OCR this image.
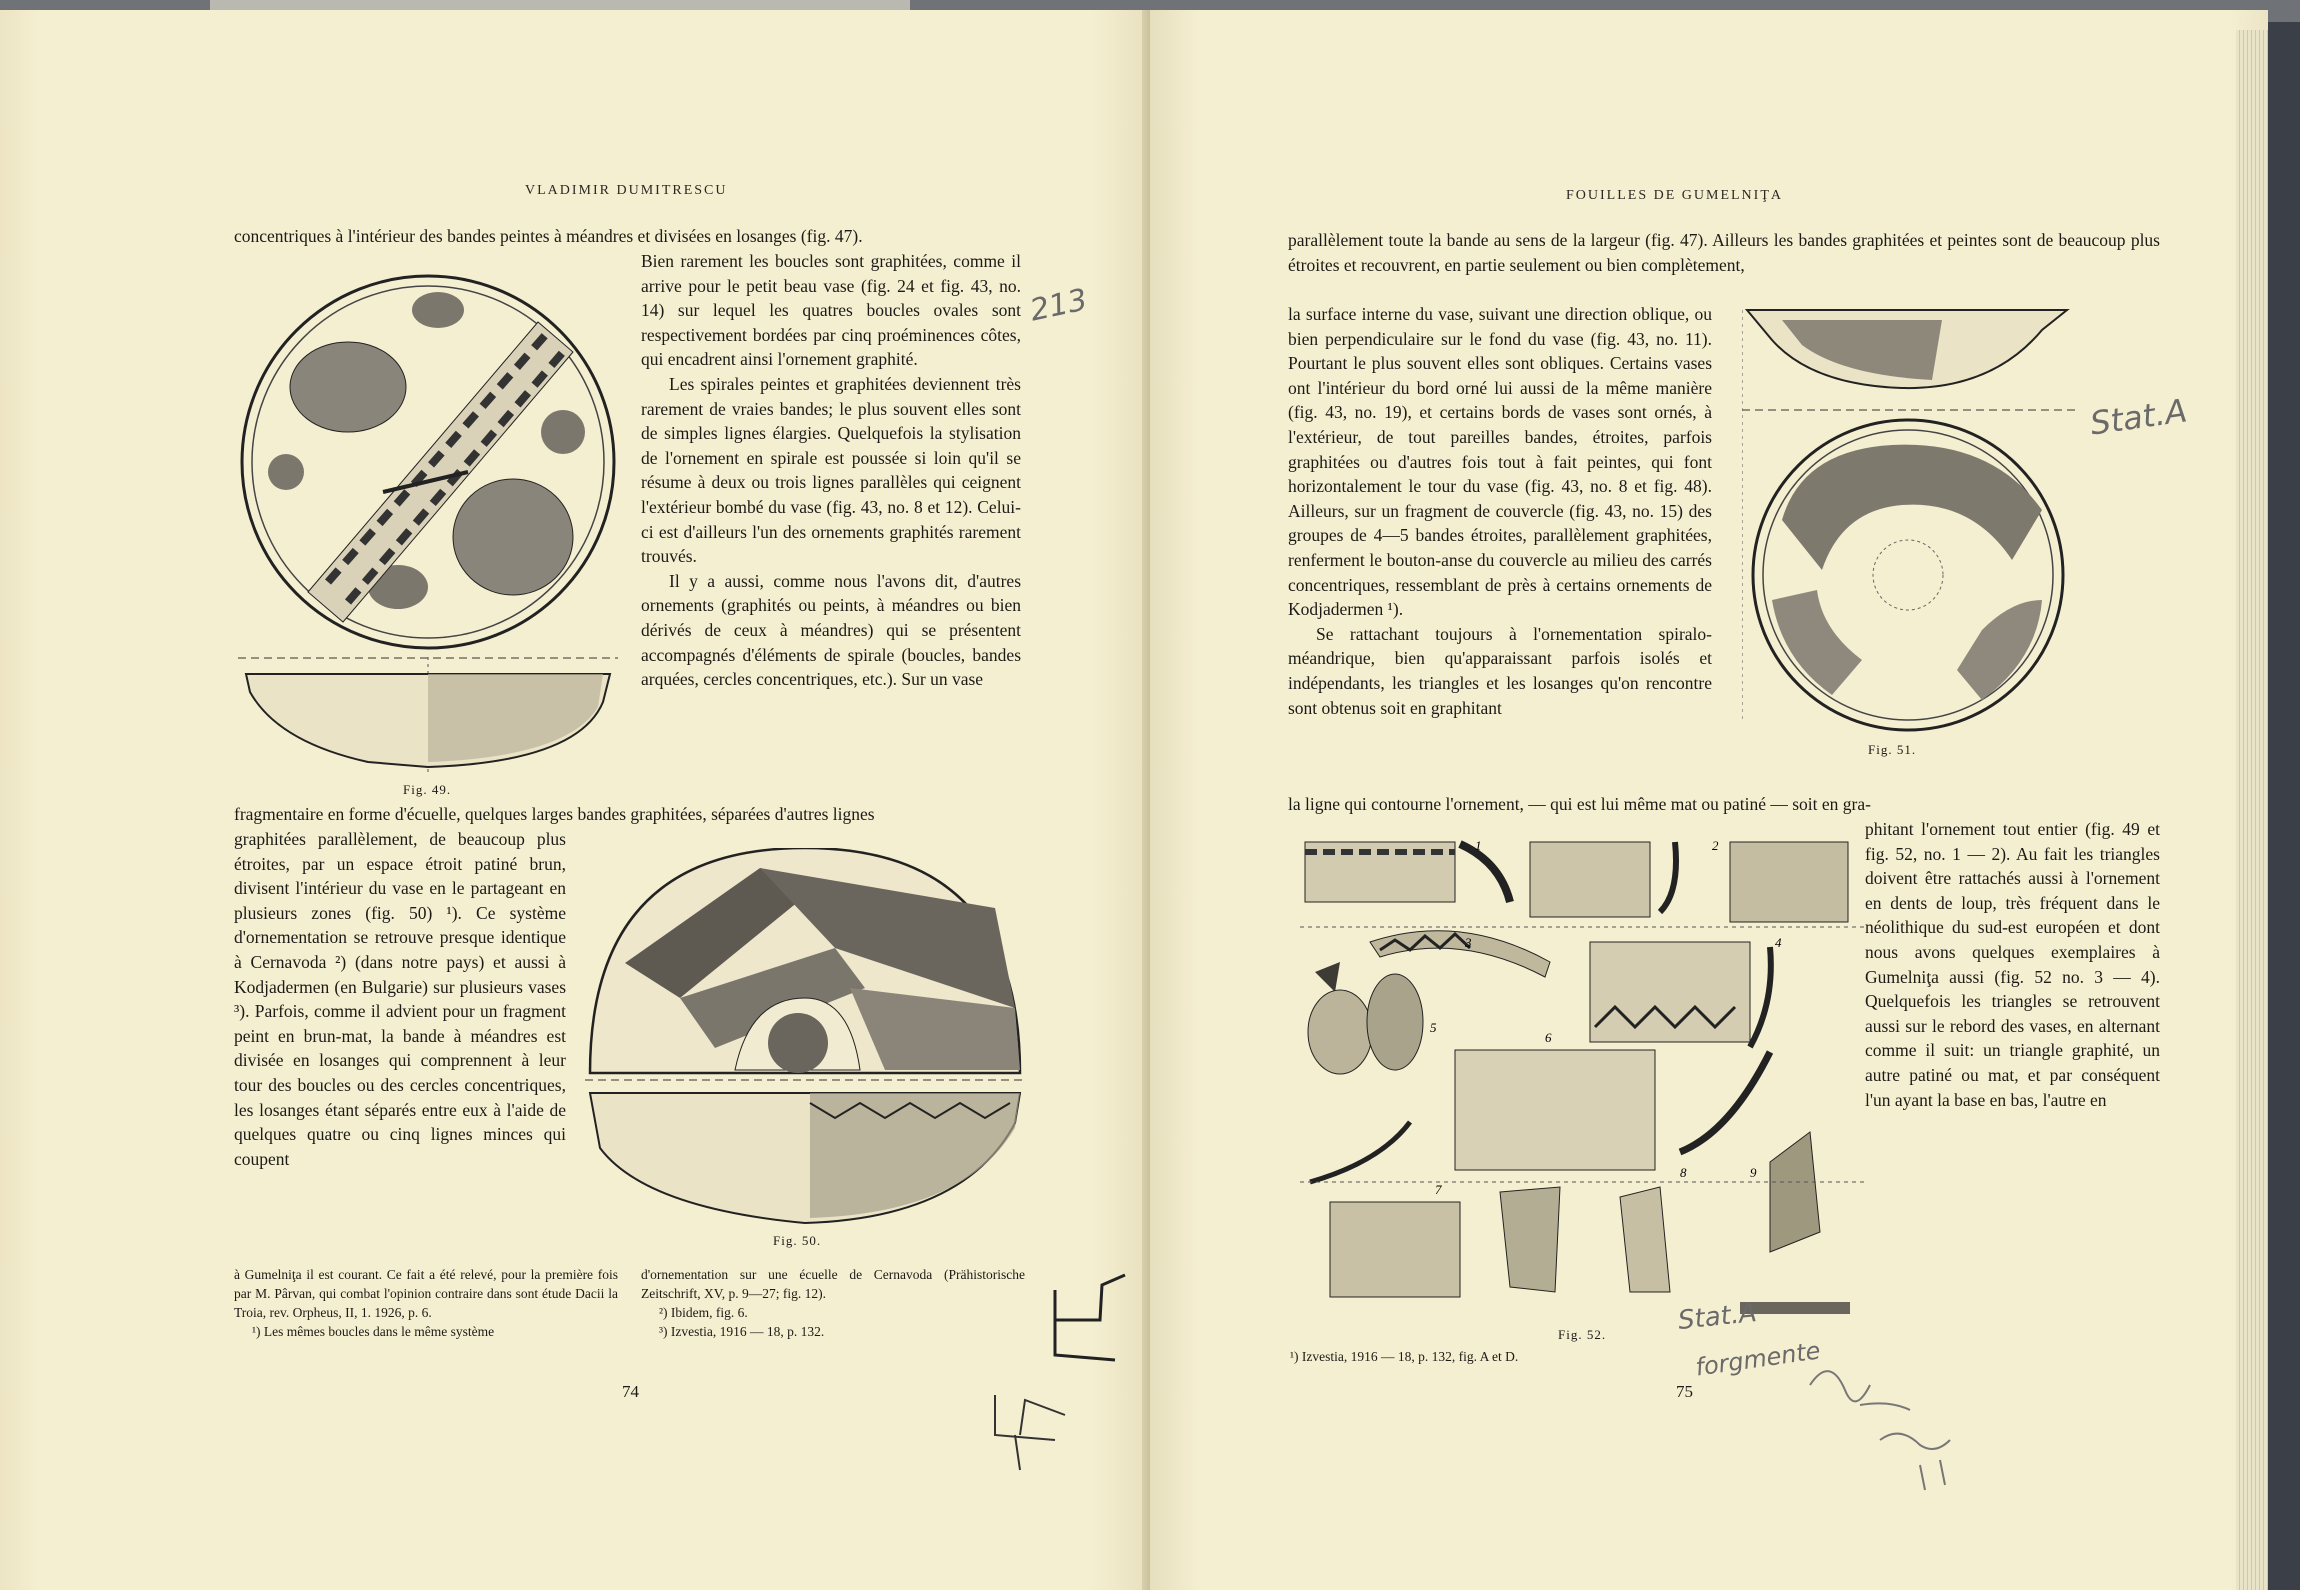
VLADIMIR DUMITRESCU

concentriques à l'intérieur des bandes peintes à méandres et divisées en losanges (fig. 47).

Bien rarement les boucles sont graphitées, comme il arrive pour le petit beau vase (fig. 24 et fig. 43, no. 14) sur lequel les quatres boucles ovales sont respectivement bordées par cinq proéminences côtes, qui encadrent ainsi l'ornement graphité.

Les spirales peintes et graphitées deviennent très rarement de vraies bandes; le plus souvent elles sont de simples lignes élargies. Quelquefois la stylisation de l'ornement en spirale est poussée si loin qu'il se résume à deux ou trois lignes parallèles qui ceignent l'extérieur bombé du vase (fig. 43, no. 8 et 12). Celui-ci est d'ailleurs l'un des ornements graphités rarement trouvés.

Il y a aussi, comme nous l'avons dit, d'autres ornements (graphités ou peints, à méandres ou bien dérivés de ceux à méandres) qui se présentent accompagnés d'éléments de spirale (boucles, bandes arquées, cercles concentriques, etc.). Sur un vase

fragmentaire en forme d'écuelle, quelques larges bandes graphitées, séparées d'autres lignes

graphitées parallèlement, de beaucoup plus étroites, par un espace étroit patiné brun, divisent l'intérieur du vase en le partageant en plusieurs zones (fig. 50) ¹). Ce système d'ornementation se retrouve presque identique à Cernavoda ²) (dans notre pays) et aussi à Kodjadermen (en Bulgarie) sur plusieurs vases ³). Parfois, comme il advient pour un fragment peint en brun-mat, la bande à méandres est divisée en losanges qui comprennent à leur tour des boucles ou des cercles concentriques, les losanges étant séparés entre eux à l'aide de quelques quatre ou cinq lignes minces qui coupent

Fig. 49.
Fig. 50.

à Gumelniţa il est courant. Ce fait a été relevé, pour la première fois par M. Pârvan, qui combat l'opinion contraire dans sont étude Dacii la Troia, rev. Orpheus, II, 1. 1926, p. 6.

¹) Les mêmes boucles dans le même système

d'ornementation sur une écuelle de Cernavoda (Prähistorische Zeitschrift, XV, p. 9—27; fig. 12).

²) Ibidem, fig. 6.

³) Izvestia, 1916 — 18, p. 132.

74
213
FOUILLES DE GUMELNIŢA

parallèlement toute la bande au sens de la largeur (fig. 47). Ailleurs les bandes graphitées et peintes sont de beaucoup plus étroites et recouvrent, en partie seulement ou bien complètement,

la surface interne du vase, suivant une direction oblique, ou bien perpendiculaire sur le fond du vase (fig. 43, no. 11). Pourtant le plus souvent elles sont obliques. Certains vases ont l'intérieur du bord orné lui aussi de la même manière (fig. 43, no. 19), et certains bords de vases sont ornés, à l'extérieur, de tout pareilles bandes, étroites, parfois graphitées ou d'autres fois tout à fait peintes, qui font horizontalement le tour du vase (fig. 43, no. 8 et fig. 48). Ailleurs, sur un fragment de couvercle (fig. 43, no. 15) des groupes de 4—5 bandes étroites, parallèlement graphitées, renferment le bouton-anse du couvercle au milieu des carrés concentriques, ressemblant de près à certains ornements de Kodjadermen ¹).

Se rattachant toujours à l'ornementation spiralo-méandrique, bien qu'apparaissant parfois isolés et indépendants, les triangles et les losanges qu'on rencontre sont obtenus soit en graphitant

la ligne qui contourne l'ornement, — qui est lui même mat ou patiné — soit en gra-

phitant l'ornement tout entier (fig. 49 et fig. 52, no. 1 — 2). Au fait les triangles doivent être rattachés aussi à l'ornement en dents de loup, très fréquent dans le néolithique du sud-est européen et dont nous avons quelques exemplaires à Gumelniţa aussi (fig. 52 no. 3 — 4). Quelquefois les triangles se retrouvent aussi sur le rebord des vases, en alternant comme il suit: un triangle graphité, un autre patiné ou mat, et par conséquent l'un ayant la base en bas, l'autre en

Fig. 51.
1	2
3	4
5
6
7
8	9
Fig. 52.

¹) Izvestia, 1916 — 18, p. 132, fig. A et D.

75
Stat.A
Stat.A
forgmente
